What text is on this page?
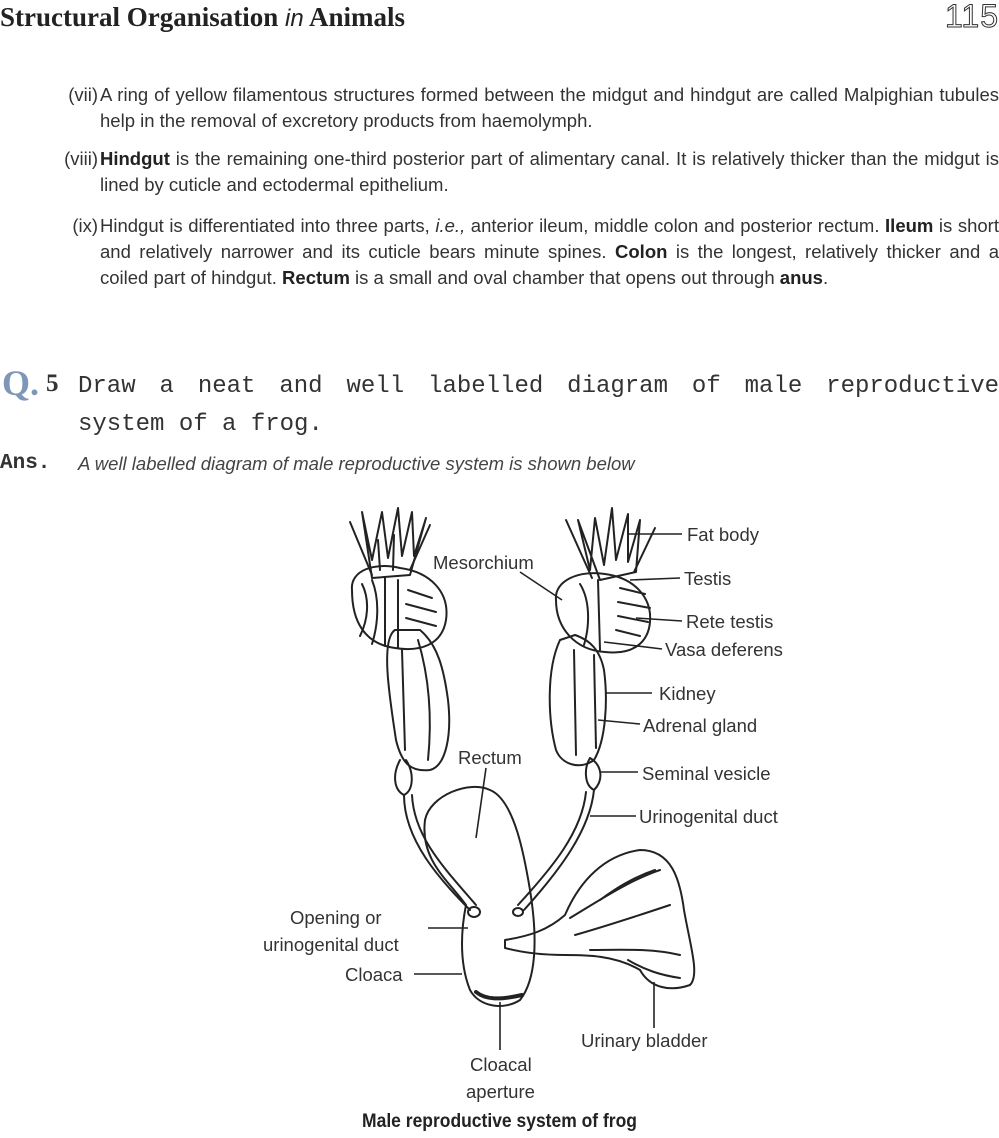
Structural Organisation in Animals	115
(vii) A ring of yellow filamentous structures formed between the midgut and hindgut are called Malpighian tubules help in the removal of excretory products from haemolymph.
(viii) Hindgut is the remaining one-third posterior part of alimentary canal. It is relatively thicker than the midgut is lined by cuticle and ectodermal epithelium.
(ix) Hindgut is differentiated into three parts, i.e., anterior ileum, middle colon and posterior rectum. Ileum is short and relatively narrower and its cuticle bears minute spines. Colon is the longest, relatively thicker and a coiled part of hindgut. Rectum is a small and oval chamber that opens out through anus.
Q. 5 Draw a neat and well labelled diagram of male reproductive system of a frog.
Ans. A well labelled diagram of male reproductive system is shown below
Fat body
Mesorchium
Testis
Rete testis
Vasa deferens
Kidney
Adrenal gland
Rectum
Seminal vesicle
Urinogenital duct
Opening or
urinogenital duct
Cloaca
Urinary bladder
Cloacal
aperture
Male reproductive system of frog
